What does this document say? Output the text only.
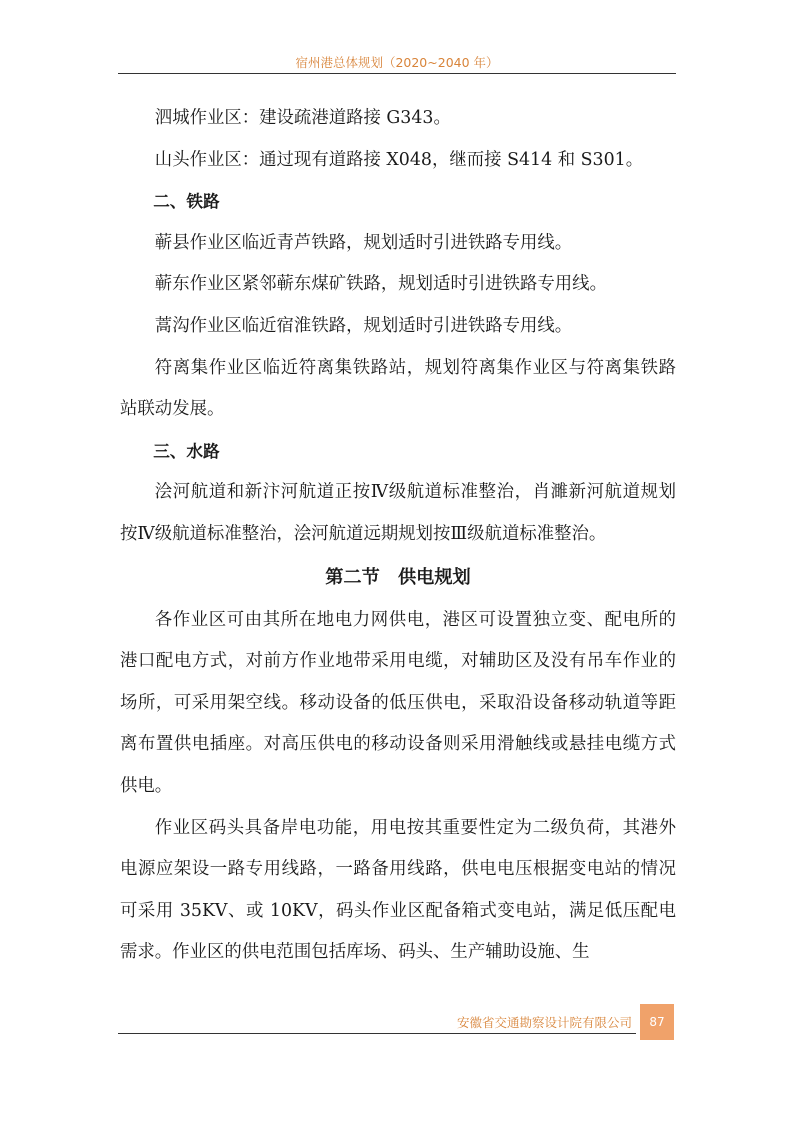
宿州港总体规划（2020~2040 年）

泗城作业区：建设疏港道路接 G343。

山头作业区：通过现有道路接 X048，继而接 S414 和 S301。

二、铁路

蕲县作业区临近青芦铁路，规划适时引进铁路专用线。

蕲东作业区紧邻蕲东煤矿铁路，规划适时引进铁路专用线。

蒿沟作业区临近宿淮铁路，规划适时引进铁路专用线。

符离集作业区临近符离集铁路站，规划符离集作业区与符离集铁路站联动发展。

三、水路

浍河航道和新汴河航道正按Ⅳ级航道标准整治，肖濉新河航道规划按Ⅳ级航道标准整治，浍河航道远期规划按Ⅲ级航道标准整治。

第二节　供电规划

各作业区可由其所在地电力网供电，港区可设置独立变、配电所的港口配电方式，对前方作业地带采用电缆，对辅助区及没有吊车作业的场所，可采用架空线。移动设备的低压供电，采取沿设备移动轨道等距离布置供电插座。对高压供电的移动设备则采用滑触线或悬挂电缆方式供电。

作业区码头具备岸电功能，用电按其重要性定为二级负荷，其港外电源应架设一路专用线路，一路备用线路，供电电压根据变电站的情况可采用 35KV、或 10KV，码头作业区配备箱式变电站，满足低压配电需求。作业区的供电范围包括库场、码头、生产辅助设施、生

安徽省交通勘察设计院有限公司	87
